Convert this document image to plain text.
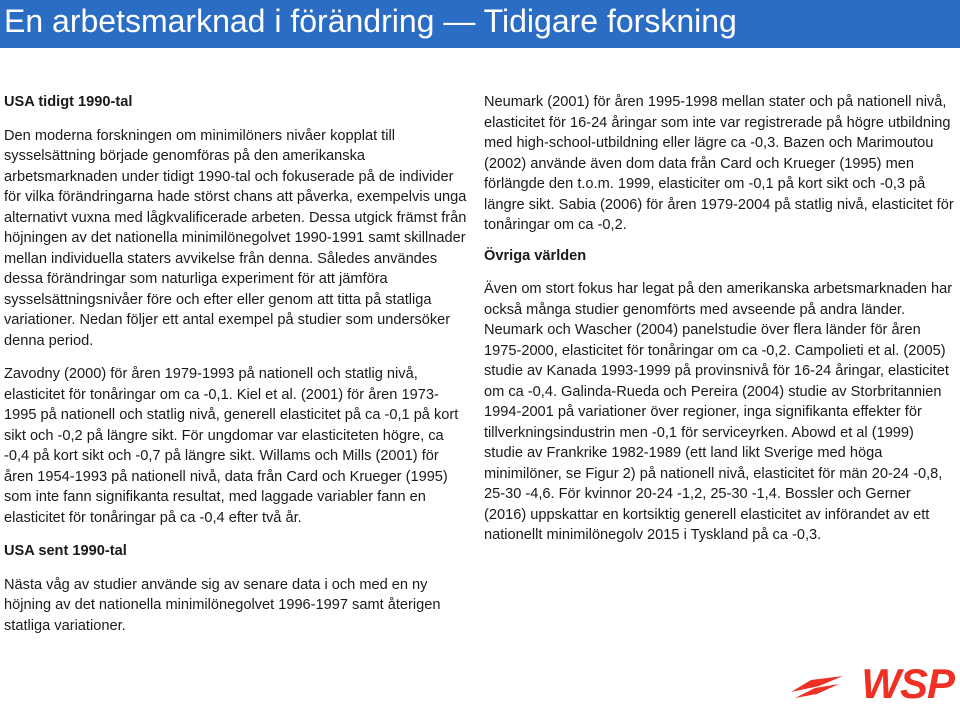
En arbetsmarknad i förändring — Tidigare forskning
USA tidigt 1990-tal

Den moderna forskningen om minimilöners nivåer kopplat till sysselsättning började genomföras på den amerikanska arbetsmarknaden under tidigt 1990-tal och fokuserade på de individer för vilka förändringarna hade störst chans att påverka, exempelvis unga alternativt vuxna med lågkvalificerade arbeten. Dessa utgick främst från höjningen av det nationella minimilönegolvet 1990-1991 samt skillnader mellan individuella staters avvikelse från denna. Således användes dessa förändringar som naturliga experiment för att jämföra sysselsättningsnivåer före och efter eller genom att titta på statliga variationer. Nedan följer ett antal exempel på studier som undersöker denna period.

Zavodny (2000) för åren 1979-1993 på nationell och statlig nivå, elasticitet för tonåringar om ca -0,1. Kiel et al. (2001) för åren 1973-1995 på nationell och statlig nivå, generell elasticitet på ca -0,1 på kort sikt och -0,2 på längre sikt. För ungdomar var elasticiteten högre, ca -0,4 på kort sikt och -0,7 på längre sikt. Willams och Mills (2001) för åren 1954-1993 på nationell nivå, data från Card och Krueger (1995) som inte fann signifikanta resultat, med laggade variabler fann en elasticitet för tonåringar på ca -0,4 efter två år.

USA sent 1990-tal

Nästa våg av studier använde sig av senare data i och med en ny höjning av det nationella minimilönegolvet 1996-1997 samt återigen statliga variationer.

Neumark (2001) för åren 1995-1998 mellan stater och på nationell nivå, elasticitet för 16-24 åringar som inte var registrerade på högre utbildning med high-school-utbildning eller lägre ca -0,3. Bazen och Marimoutou (2002) använde även dom data från Card och Krueger (1995) men förlängde den t.o.m. 1999, elasticiter om -0,1 på kort sikt och -0,3 på längre sikt. Sabia (2006) för åren 1979-2004 på statlig nivå, elasticitet för tonåringar om ca -0,2.

Övriga världen

Även om stort fokus har legat på den amerikanska arbetsmarknaden har också många studier genomförts med avseende på andra länder. Neumark och Wascher (2004) panelstudie över flera länder för åren 1975-2000, elasticitet för tonåringar om ca -0,2. Campolieti et al. (2005) studie av Kanada 1993-1999 på provinsnivå för 16-24 åringar, elasticitet om ca -0,4. Galinda-Rueda och Pereira (2004) studie av Storbritannien 1994-2001 på variationer över regioner, inga signifikanta effekter för tillverkningsindustrin men -0,1 för serviceyrken. Abowd et al (1999) studie av Frankrike 1982-1989 (ett land likt Sverige med höga minimilöner, se Figur 2) på nationell nivå, elasticitet för män 20-24 -0,8, 25-30 -4,6. För kvinnor 20-24 -1,2, 25-30 -1,4. Bossler och Gerner (2016) uppskattar en kortsiktig generell elasticitet av införandet av ett nationellt minimilönegolv 2015 i Tyskland på ca -0,3.

WSP
